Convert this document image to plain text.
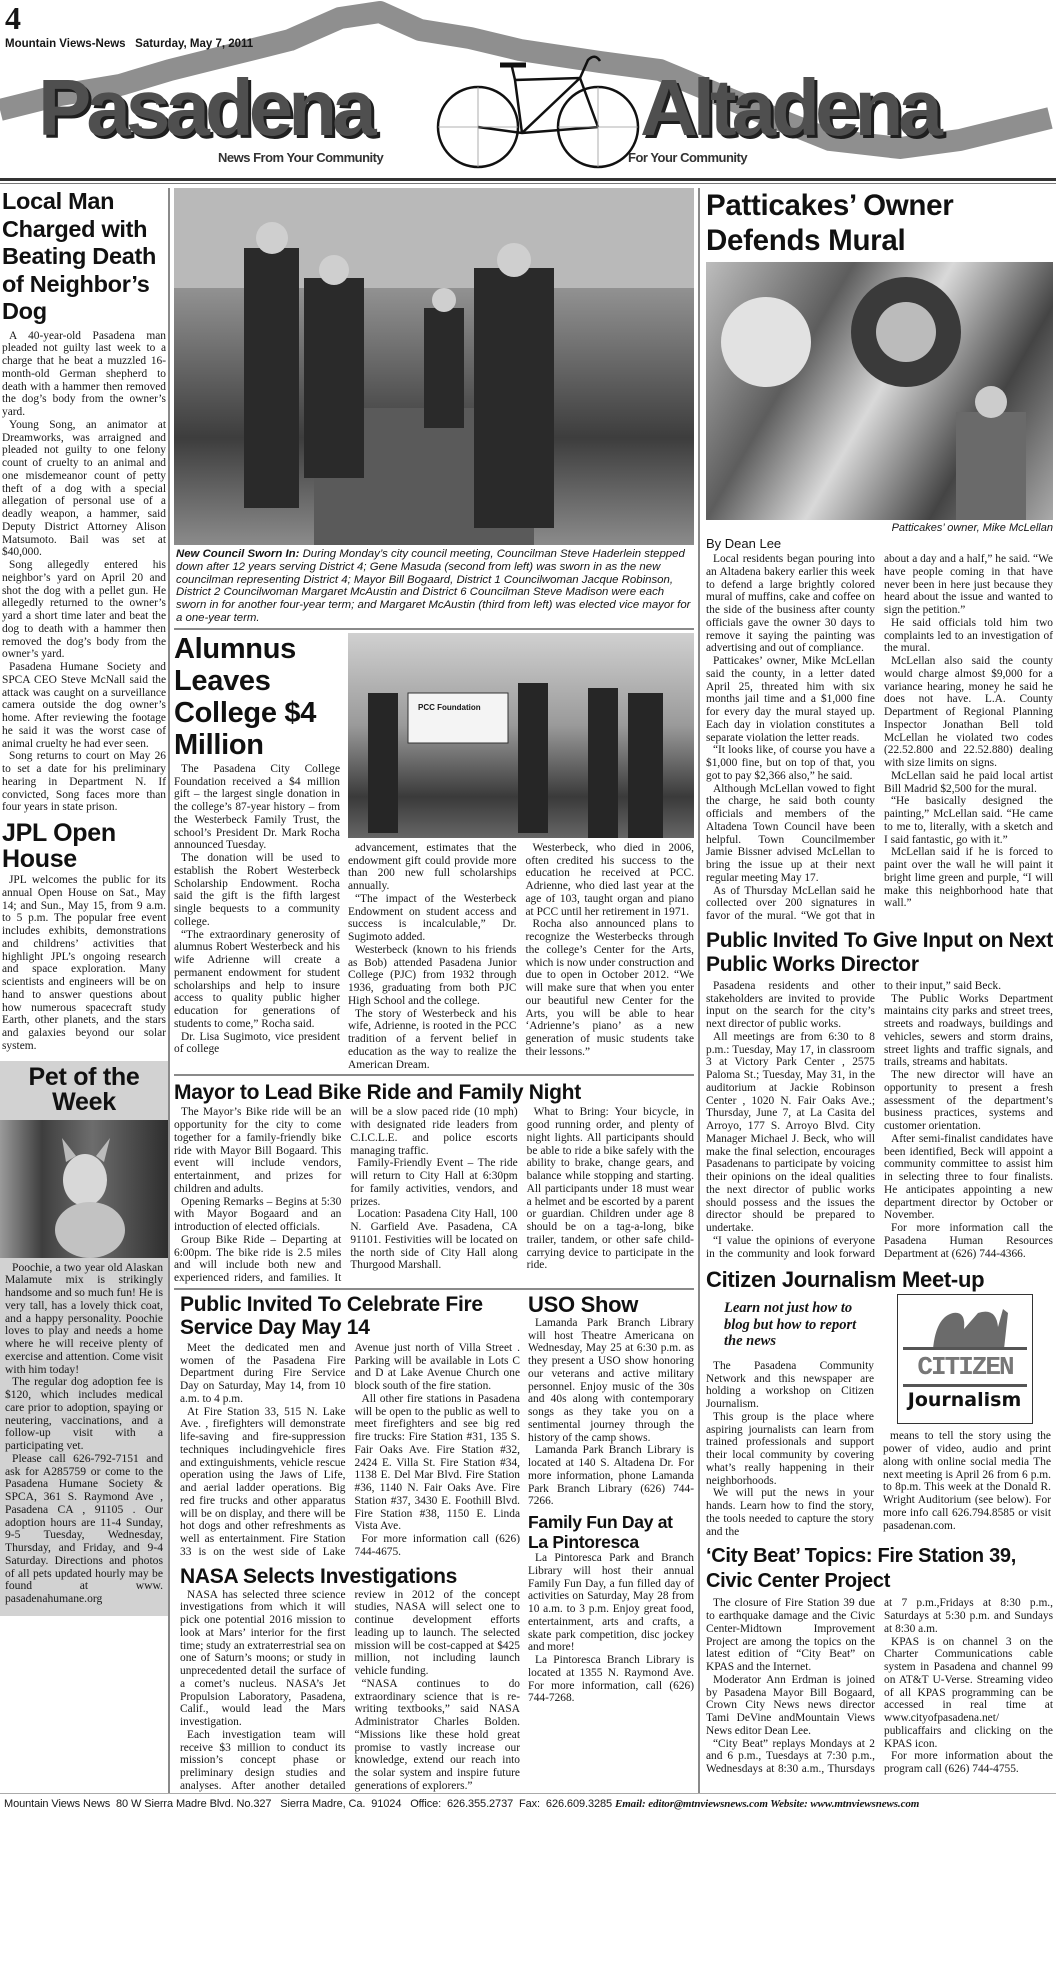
4
Mountain Views-News   Saturday, May 7, 2011
Pasadena	Altadena
News From Your Community	For Your Community
Local Man Charged with Beating Death of Neighbor’s Dog

A 40-year-old Pasadena man pleaded not guilty last week to a charge that he beat a muzzled 16-month-old German shepherd to death with a hammer then removed the dog’s body from the owner’s yard.

Young Song, an animator at Dreamworks, was arraigned and pleaded not guilty to one felony count of cruelty to an animal and one misdemeanor count of petty theft of a dog with a special allegation of personal use of a deadly weapon, a hammer, said Deputy District Attorney Alison Matsumoto. Bail was set at $40,000.

Song allegedly entered his neighbor’s yard on April 20 and shot the dog with a pellet gun. He allegedly returned to the owner’s yard a short time later and beat the dog to death with a hammer then removed the dog’s body from the owner’s yard.

Pasadena Humane Society and SPCA CEO Steve McNall said the attack was caught on a surveillance camera outside the dog owner’s home. After reviewing the footage he said it was the worst case of animal cruelty he had ever seen.

Song returns to court on May 26 to set a date for his preliminary hearing in Department N. If convicted, Song faces more than four years in state prison.

JPL Open House

JPL welcomes the public for its annual Open House on Sat., May 14; and Sun., May 15, from 9 a.m. to 5 p.m. The popular free event includes exhibits, demonstrations and childrens’ activities that highlight JPL’s ongoing research and space exploration. Many scientists and engineers will be on hand to answer questions about how numerous spacecraft study Earth, other planets, and the stars and galaxies beyond our solar system.

Pet of the Week

Poochie, a two year old Alaskan Malamute mix is strikingly handsome and so much fun! He is very tall, has a lovely thick coat, and a happy personality. Poochie loves to play and needs a home where he will receive plenty of exercise and attention. Come visit with him today!

The regular dog adoption fee is $120, which includes medical care prior to adoption, spaying or neutering, vaccinations, and a follow-up visit with a participating vet.

Please call 626-792-7151 and ask for A285759 or come to the Pasadena Humane Society & SPCA, 361 S. Raymond Ave , Pasadena CA , 91105 . Our adoption hours are 11-4 Sunday, 9-5 Tuesday, Wednesday, Thursday, and Friday, and 9-4 Saturday. Directions and photos of all pets updated hourly may be found at www. pasadenahumane.org

New Council Sworn In: During Monday’s city council meeting, Councilman Steve Haderlein stepped down after 12 years serving District 4; Gene Masuda (second from left) was sworn in as the new councilman representing District 4; Mayor Bill Bogaard, District 1 Councilwoman Jacque Robinson, District 2 Councilwoman Margaret McAustin and District 6 Councilman Steve Madison were each sworn in for another four-year term; and Margaret McAustin (third from left) was elected vice mayor for a one-year term.
Alumnus Leaves College $4 Million

The Pasadena City College Foundation received a $4 million gift – the largest single donation in the college’s 87-year history – from the Westerbeck Family Trust, the school’s President Dr. Mark Rocha announced Tuesday.

The donation will be used to establish the Robert Westerbeck Scholarship Endowment. Rocha said the gift is the fifth largest single bequests to a community college.

“The extraordinary generosity of alumnus Robert Westerbeck and his wife Adrienne will create a permanent endowment for student scholarships and help to insure access to quality public higher education for generations of students to come,” Rocha said.

Dr. Lisa Sugimoto, vice president of college

PCC Foundation

advancement, estimates that the endowment gift could provide more than 200 new full scholarships annually.

“The impact of the Westerbeck Endowment on student access and success is incalculable,” Dr. Sugimoto added.

Westerbeck (known to his friends as Bob) attended Pasadena Junior College (PJC) from 1932 through 1936, graduating from both PJC High School and the college.

The story of Westerbeck and his wife, Adrienne, is rooted in the PCC tradition of a fervent belief in education as the way to realize the American Dream.

Westerbeck, who died in 2006, often credited his success to the education he received at PCC. Adrienne, who died last year at the age of 103, taught organ and piano at PCC until her retirement in 1971.

Rocha also announced plans to recognize the Westerbecks through the college’s Center for the Arts, which is now under construction and due to open in October 2012. “We will make sure that when you enter our beautiful new Center for the Arts, you will be able to hear ‘Adrienne’s piano’ as a new generation of music students take their lessons.”

Mayor to Lead Bike Ride and Family Night

The Mayor’s Bike ride will be an opportunity for the city to come together for a family-friendly bike ride with Mayor Bill Bogaard. This event will include vendors, entertainment, and prizes for children and adults.

Opening Remarks – Begins at 5:30 with Mayor Bogaard and an introduction of elected officials.

Group Bike Ride – Departing at 6:00pm. The bike ride is 2.5 miles and will include both new and experienced riders, and families. It will be a slow paced ride (10 mph) with designated ride leaders from C.I.C.L.E. and police escorts managing traffic.

Family-Friendly Event – The ride will return to City Hall at 6:30pm for family activities, vendors, and prizes.

Location: Pasadena City Hall, 100 N. Garfield Ave. Pasadena, CA 91101. Festivities will be located on the north side of City Hall along Thurgood Marshall.

What to Bring: Your bicycle, in good running order, and plenty of night lights. All participants should be able to ride a bike safely with the ability to brake, change gears, and balance while stopping and starting. All participants under 18 must wear a helmet and be escorted by a parent or guardian. Children under age 8 should be on a tag-a-long, bike trailer, tandem, or other safe child-carrying device to participate in the ride.

Public Invited To Celebrate Fire Service Day May 14

Meet the dedicated men and women of the Pasadena Fire Department during Fire Service Day on Saturday, May 14, from 10 a.m. to 4 p.m.

At Fire Station 33, 515 N. Lake Ave. , firefighters will demonstrate life-saving and fire-suppression techniques includingvehicle fires and extinguishments, vehicle rescue operation using the Jaws of Life, and aerial ladder operations. Big red fire trucks and other apparatus will be on display, and there will be hot dogs and other refreshments as well as entertainment. Fire Station 33 is on the west side of Lake Avenue just north of Villa Street . Parking will be available in Lots C and D at Lake Avenue Church one block south of the fire station.

All other fire stations in Pasadena will be open to the public as well to meet firefighters and see big red fire trucks: Fire Station #31, 135 S. Fair Oaks Ave. Fire Station #32, 2424 E. Villa St. Fire Station #34, 1138 E. Del Mar Blvd. Fire Station #36, 1140 N. Fair Oaks Ave. Fire Station #37, 3430 E. Foothill Blvd. Fire Station #38, 1150 E. Linda Vista Ave.

For more information call (626) 744-4675.

NASA Selects Investigations

NASA has selected three science investigations from which it will pick one potential 2016 mission to look at Mars’ interior for the first time; study an extraterrestrial sea on one of Saturn’s moons; or study in unprecedented detail the surface of a comet’s nucleus. NASA’s Jet Propulsion Laboratory, Pasadena, Calif., would lead the Mars investigation.

Each investigation team will receive $3 million to conduct its mission’s concept phase or preliminary design studies and analyses. After another detailed review in 2012 of the concept studies, NASA will select one to continue development efforts leading up to launch. The selected mission will be cost-capped at $425 million, not including launch vehicle funding.

“NASA continues to do extraordinary science that is re-writing textbooks,” said NASA Administrator Charles Bolden. “Missions like these hold great promise to vastly increase our knowledge, extend our reach into the solar system and inspire future generations of explorers.”

USO Show

Lamanda Park Branch Library will host Theatre Americana on Wednesday, May 25 at 6:30 p.m. as they present a USO show honoring our veterans and active military personnel. Enjoy music of the 30s and 40s along with contemporary songs as they take you on a sentimental journey through the history of the camp shows.

Lamanda Park Branch Library is located at 140 S. Altadena Dr. For more information, phone Lamanda Park Branch Library (626) 744-7266.

Family Fun Day at La Pintoresca

La Pintoresca Park and Branch Library will host their annual Family Fun Day, a fun filled day of activities on Saturday, May 28 from 10 a.m. to 3 p.m. Enjoy great food, entertainment, arts and crafts, a skate park competition, disc jockey and more!

La Pintoresca Branch Library is located at 1355 N. Raymond Ave. For more information, call (626) 744-7268.

Patticakes’ Owner Defends Mural
Patticakes’ owner, Mike McLellan
By Dean Lee

Local residents began pouring into an Altadena bakery earlier this week to defend a large brightly colored mural of muffins, cake and coffee on the side of the business after county officials gave the owner 30 days to remove it saying the painting was advertising and out of compliance.

Patticakes’ owner, Mike McLellan said the county, in a letter dated April 25, threated him with six months jail time and a $1,000 fine for every day the mural stayed up. Each day in violation constitutes a separate violation the letter reads.

“It looks like, of course you have a $1,000 fine, but on top of that, you got to pay $2,366 also,” he said.

Although McLellan vowed to fight the charge, he said both county officials and members of the Altadena Town Council have been helpful. Town Councilmember Jamie Bissner advised McLellan to bring the issue up at their next regular meeting May 17.

As of Thursday McLellan said he collected over 200 signatures in favor of the mural. “We got that in about a day and a half,” he said. “We have people coming in that have never been in here just because they heard about the issue and wanted to sign the petition.”

He said officials told him two complaints led to an investigation of the mural.

McLellan also said the county would charge almost $9,000 for a variance hearing, money he said he does not have. L.A. County Department of Regional Planning Inspector Jonathan Bell told McLellan he violated two codes (22.52.800 and 22.52.880) dealing with size limits on signs.

McLellan said he paid local artist Bill Madrid $2,500 for the mural.

“He basically designed the painting,” McLellan said. “He came to me to, literally, with a sketch and I said fantastic, go with it.”

McLellan said if he is forced to paint over the wall he will paint it bright lime green and purple, “I will make this neighborhood hate that wall.”

Public Invited To Give Input on Next Public Works Director

Pasadena residents and other stakeholders are invited to provide input on the search for the city’s next director of public works.

All meetings are from 6:30 to 8 p.m.: Tuesday, May 17, in classroom 3 at Victory Park Center , 2575 Paloma St.; Tuesday, May 31, in the auditorium at Jackie Robinson Center , 1020 N. Fair Oaks Ave.; Thursday, June 7, at La Casita del Arroyo, 177 S. Arroyo Blvd. City Manager Michael J. Beck, who will make the final selection, encourages Pasadenans to participate by voicing their opinions on the ideal qualities the next director of public works should possess and the issues the director should be prepared to undertake.

“I value the opinions of everyone in the community and look forward to their input,” said Beck.

The Public Works Department maintains city parks and street trees, streets and roadways, buildings and vehicles, sewers and storm drains, street lights and traffic signals, and trails, streams and habitats.

The new director will have an opportunity to present a fresh assessment of the department’s business practices, systems and customer orientation.

After semi-finalist candidates have been identified, Beck will appoint a community committee to assist him in selecting three to four finalists. He anticipates appointing a new department director by October or November.

For more information call the Pasadena Human Resources Department at (626) 744-4366.

Citizen Journalism Meet-up
Learn not just how to blog but how to report the news

The Pasadena Community Network and this newspaper are holding a workshop on Citizen Journalism.

This group is the place where aspiring journalists can learn from trained professionals and support their local community by covering what’s really happening in their neighborhoods.

We will put the news in your hands. Learn how to find the story, the tools needed to capture the story and the

CITIZEN
Journalism

means to tell the story using the power of video, audio and print along with online social media The next meeting is April 26 from 6 p.m. to 8p.m. This week at the Donald R. Wright Auditorium (see below). For more info call 626.794.8585 or visit pasadenan.com.

‘City Beat’ Topics: Fire Station 39, Civic Center Project

The closure of Fire Station 39 due to earthquake damage and the Civic Center-Midtown Improvement Project are among the topics on the latest edition of “City Beat” on KPAS and the Internet.

Moderator Ann Erdman is joined by Pasadena Mayor Bill Bogaard, Crown City News news director Tami DeVine andMountain Views News editor Dean Lee.

“City Beat” replays Mondays at 2 and 6 p.m., Tuesdays at 7:30 p.m., Wednesdays at 8:30 a.m., Thursdays at 7 p.m.,Fridays at 8:30 p.m., Saturdays at 5:30 p.m. and Sundays at 8:30 a.m.

KPAS is on channel 3 on the Charter Communications cable system in Pasadena and channel 99 on AT&T U-Verse. Streaming video of all KPAS programming can be accessed in real time at www.cityofpasadena.net/ publicaffairs and clicking on the KPAS icon.

For more information about the program call (626) 744-4755.

Mountain Views News  80 W Sierra Madre Blvd. No.327   Sierra Madre, Ca.  91024   Office:  626.355.2737  Fax:  626.609.3285 Email: editor@mtnviewsnews.com Website: www.mtnviewsnews.com
